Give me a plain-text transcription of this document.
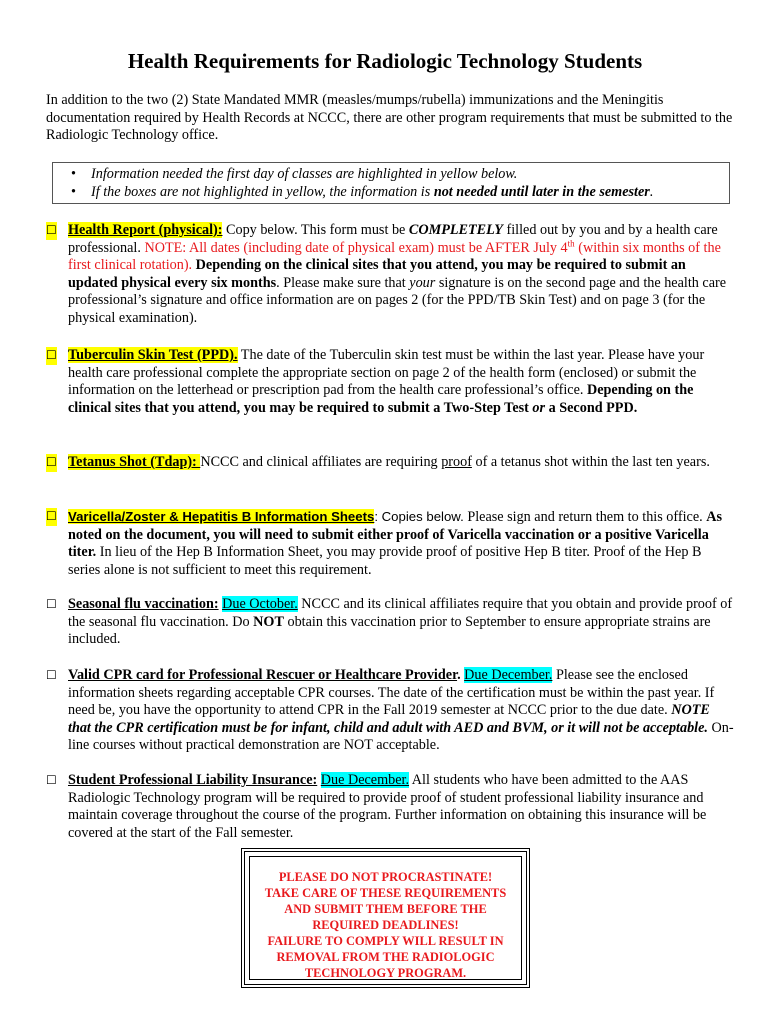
Health Requirements for Radiologic Technology Students
In addition to the two (2) State Mandated MMR (measles/mumps/rubella) immunizations and the Meningitis documentation required by Health Records at NCCC, there are other program requirements that must be submitted to the Radiologic Technology office.
• Information needed the first day of classes are highlighted in yellow below.
• If the boxes are not highlighted in yellow, the information is not needed until later in the semester.
☐ Health Report (physical): Copy below. This form must be COMPLETELY filled out by you and by a health care professional. NOTE: All dates (including date of physical exam) must be AFTER July 4th (within six months of the first clinical rotation). Depending on the clinical sites that you attend, you may be required to submit an updated physical every six months. Please make sure that your signature is on the second page and the health care professional’s signature and office information are on pages 2 (for the PPD/TB Skin Test) and on page 3 (for the physical examination).
☐ Tuberculin Skin Test (PPD). The date of the Tuberculin skin test must be within the last year. Please have your health care professional complete the appropriate section on page 2 of the health form (enclosed) or submit the information on the letterhead or prescription pad from the health care professional’s office. Depending on the clinical sites that you attend, you may be required to submit a Two-Step Test or a Second PPD.
☐ Tetanus Shot (Tdap): NCCC and clinical affiliates are requiring proof of a tetanus shot within the last ten years.
☐ Varicella/Zoster & Hepatitis B Information Sheets: Copies below. Please sign and return them to this office. As noted on the document, you will need to submit either proof of Varicella vaccination or a positive Varicella titer. In lieu of the Hep B Information Sheet, you may provide proof of positive Hep B titer. Proof of the Hep B series alone is not sufficient to meet this requirement.
☐ Seasonal flu vaccination: Due October. NCCC and its clinical affiliates require that you obtain and provide proof of the seasonal flu vaccination. Do NOT obtain this vaccination prior to September to ensure appropriate strains are included.
☐ Valid CPR card for Professional Rescuer or Healthcare Provider. Due December. Please see the enclosed information sheets regarding acceptable CPR courses. The date of the certification must be within the past year. If need be, you have the opportunity to attend CPR in the Fall 2019 semester at NCCC prior to the due date. NOTE that the CPR certification must be for infant, child and adult with AED and BVM, or it will not be acceptable. On-line courses without practical demonstration are NOT acceptable.
☐ Student Professional Liability Insurance: Due December. All students who have been admitted to the AAS Radiologic Technology program will be required to provide proof of student professional liability insurance and maintain coverage throughout the course of the program. Further information on obtaining this insurance will be covered at the start of the Fall semester.
PLEASE DO NOT PROCRASTINATE!
TAKE CARE OF THESE REQUIREMENTS
AND SUBMIT THEM BEFORE THE
REQUIRED DEADLINES!
FAILURE TO COMPLY WILL RESULT IN
REMOVAL FROM THE RADIOLOGIC
TECHNOLOGY PROGRAM.
